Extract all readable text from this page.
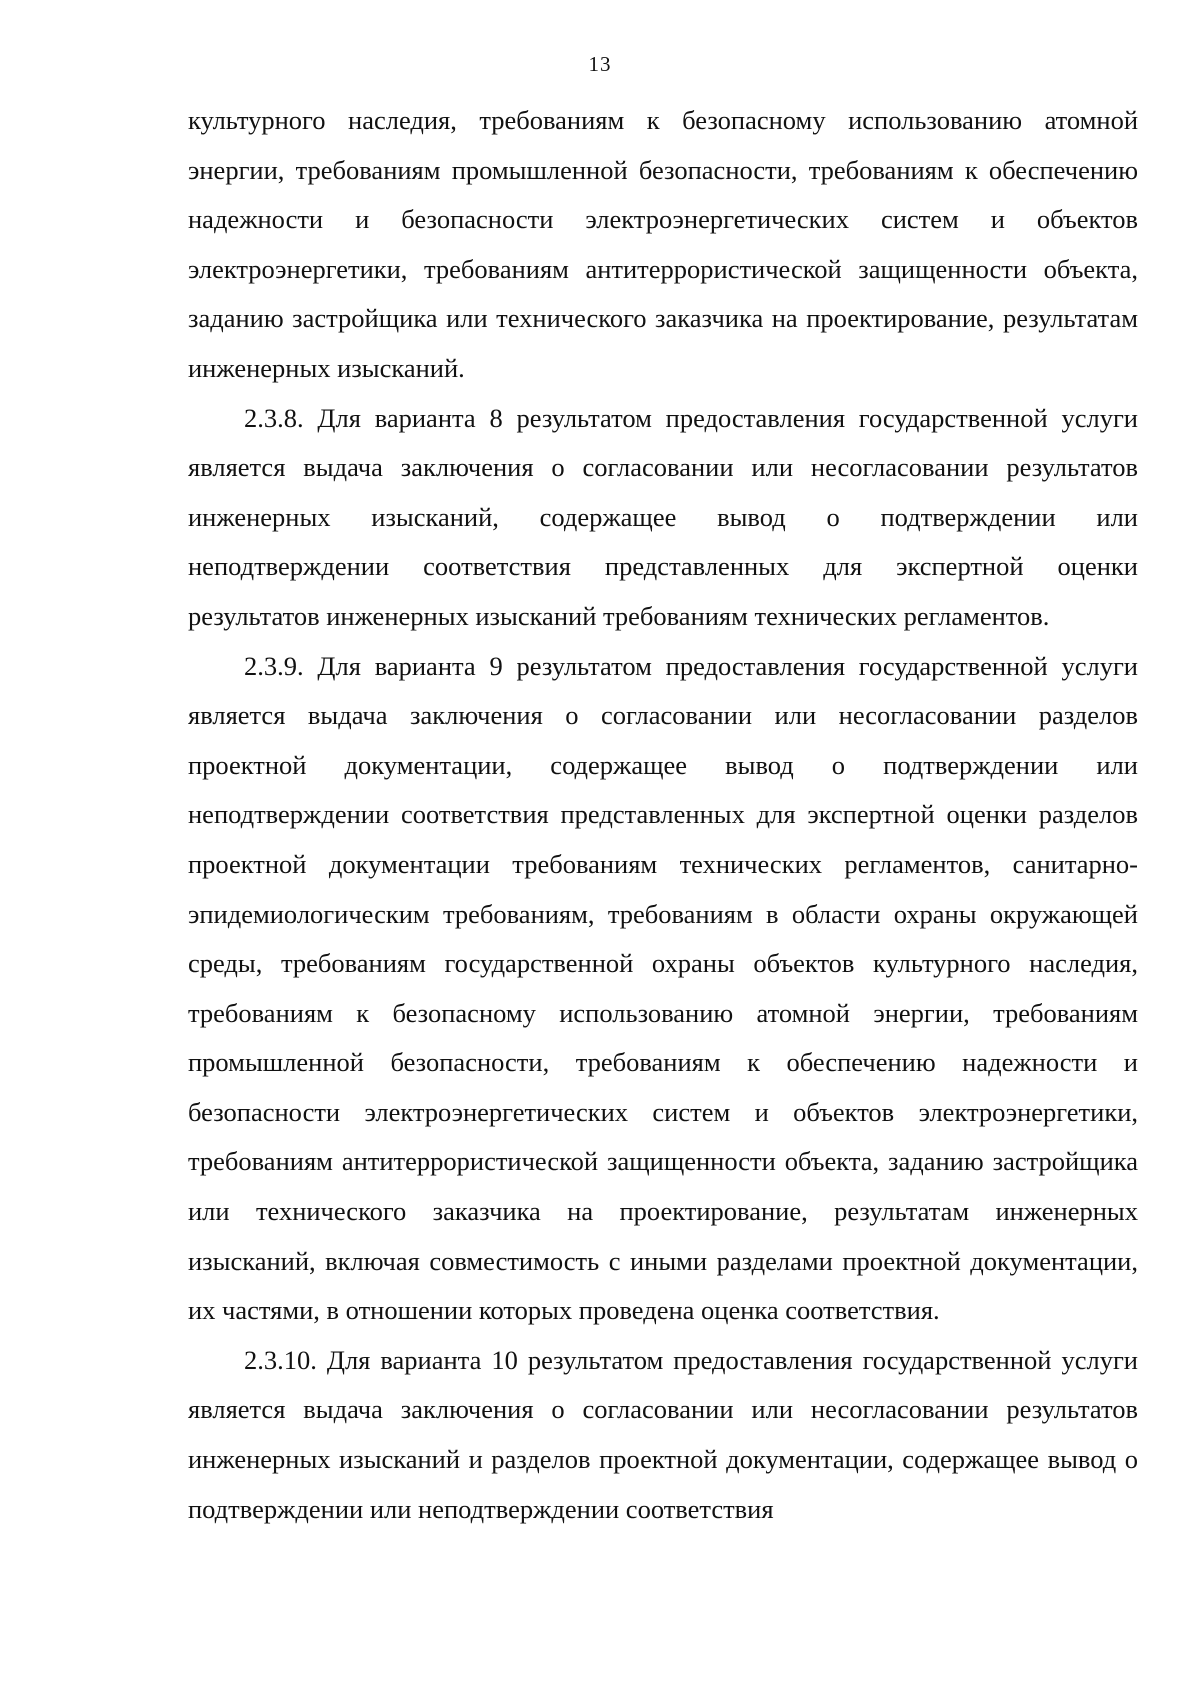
13

культурного наследия, требованиям к безопасному использованию атомной энергии, требованиям промышленной безопасности, требованиям к обеспечению надежности и безопасности электроэнергетических систем и объектов электроэнергетики, требованиям антитеррористической защищенности объекта, заданию застройщика или технического заказчика на проектирование, результатам инженерных изысканий.

2.3.8. Для варианта 8 результатом предоставления государственной услуги является выдача заключения о согласовании или несогласовании результатов инженерных изысканий, содержащее вывод о подтверждении или неподтверждении соответствия представленных для экспертной оценки результатов инженерных изысканий требованиям технических регламентов.

2.3.9. Для варианта 9 результатом предоставления государственной услуги является выдача заключения о согласовании или несогласовании разделов проектной документации, содержащее вывод о подтверждении или неподтверждении соответствия представленных для экспертной оценки разделов проектной документации требованиям технических регламентов, санитарно-эпидемиологическим требованиям, требованиям в области охраны окружающей среды, требованиям государственной охраны объектов культурного наследия, требованиям к безопасному использованию атомной энергии, требованиям промышленной безопасности, требованиям к обеспечению надежности и безопасности электроэнергетических систем и объектов электроэнергетики, требованиям антитеррористической защищенности объекта, заданию застройщика или технического заказчика на проектирование, результатам инженерных изысканий, включая совместимость с иными разделами проектной документации, их частями, в отношении которых проведена оценка соответствия.

2.3.10. Для варианта 10 результатом предоставления государственной услуги является выдача заключения о согласовании или несогласовании результатов инженерных изысканий и разделов проектной документации, содержащее вывод о подтверждении или неподтверждении соответствия
